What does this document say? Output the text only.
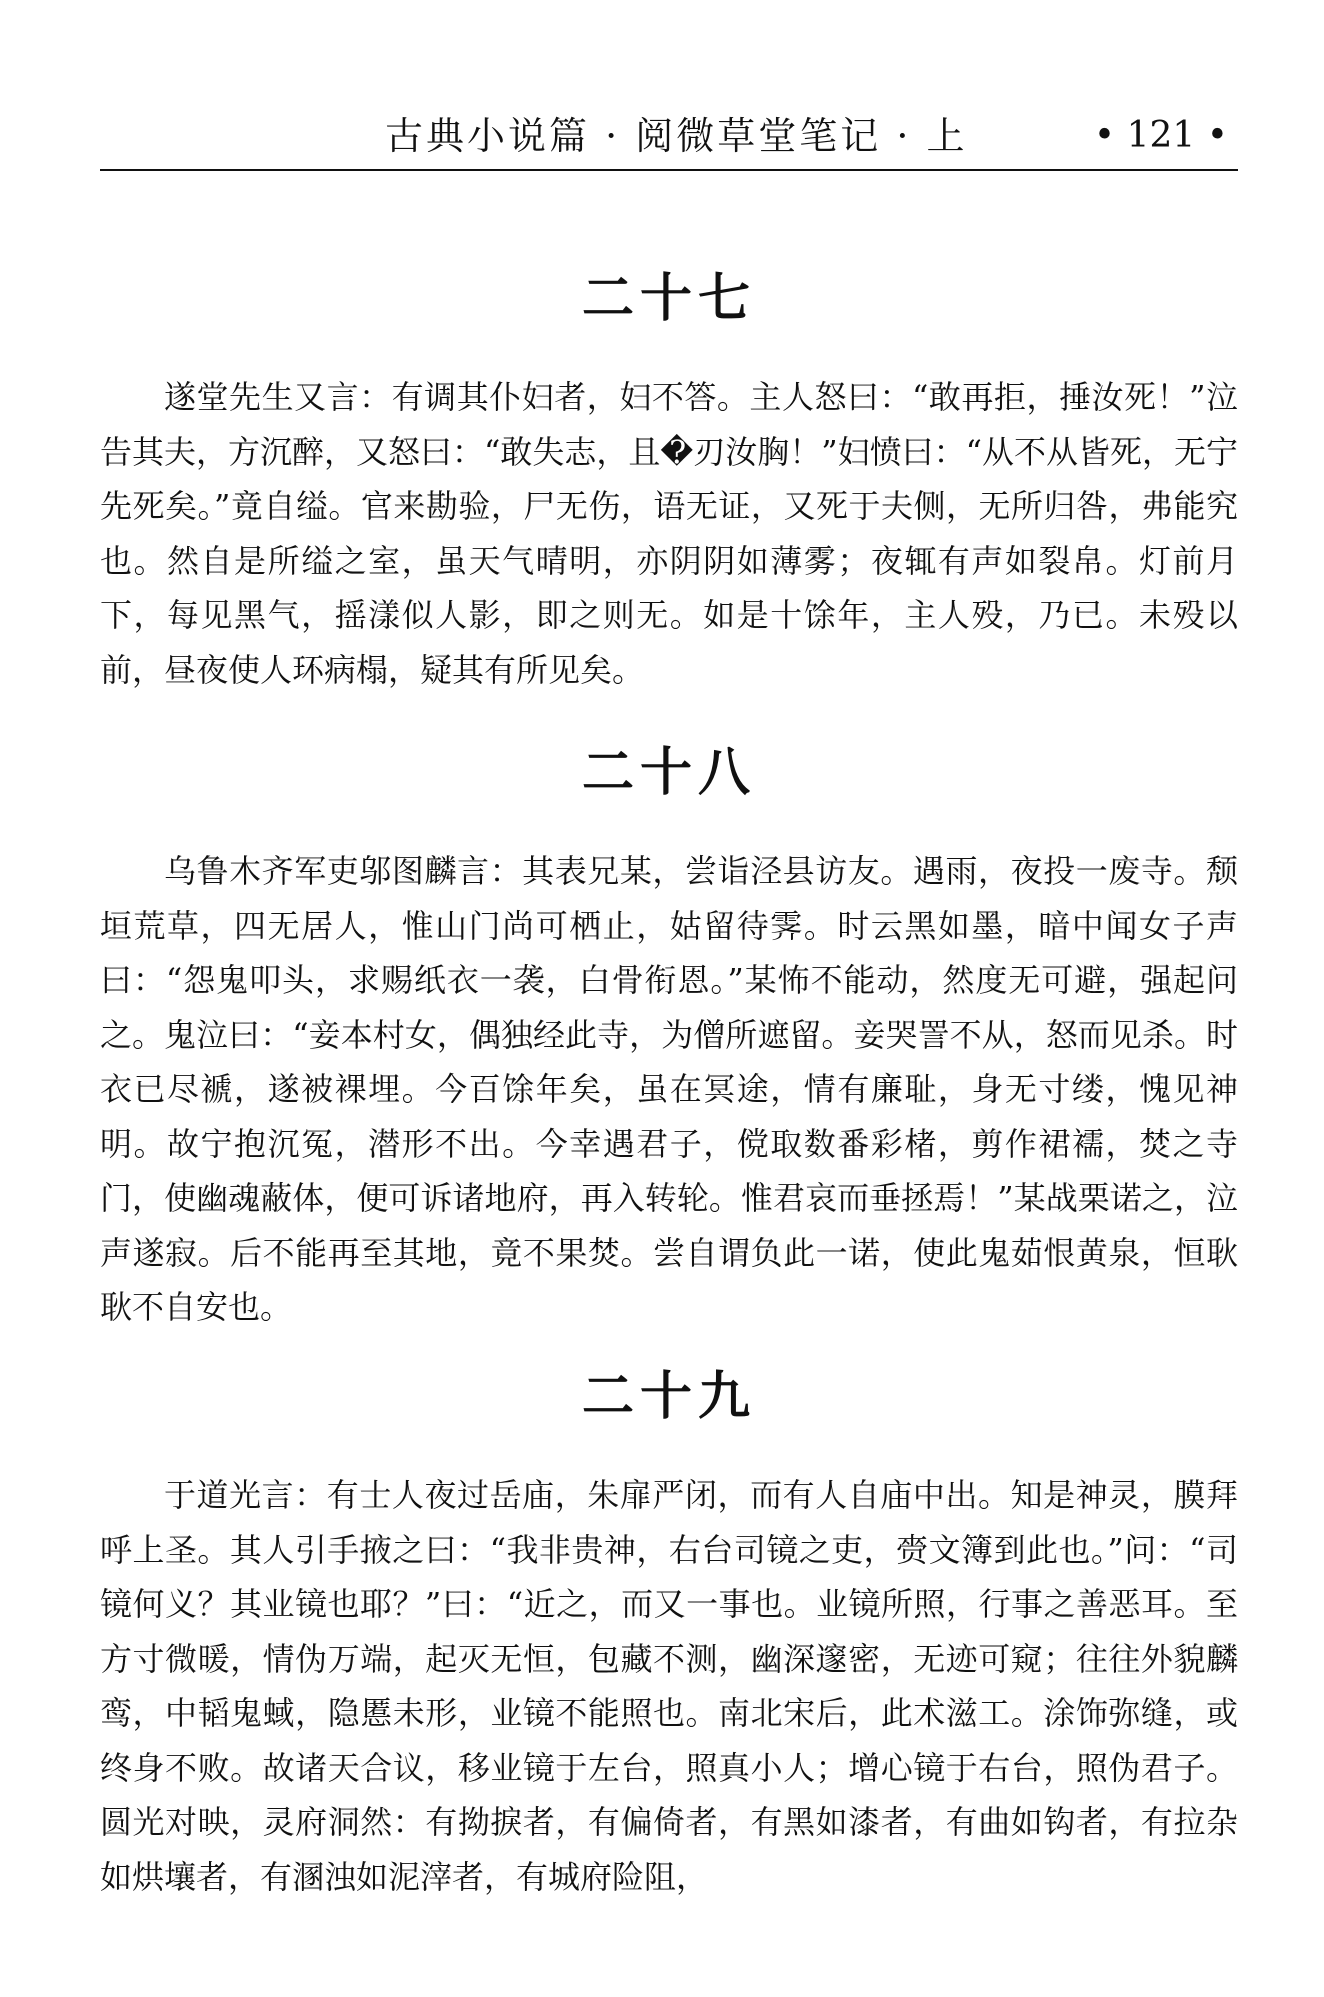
古典小说篇 · 阅微草堂笔记 · 上	• 121 •
二十七

遂堂先生又言：有调其仆妇者，妇不答。主人怒曰：“敢再拒，捶汝死！”泣告其夫，方沉醉，又怒曰：“敢失志，且�刃汝胸！”妇愤曰：“从不从皆死，无宁先死矣。”竟自缢。官来勘验，尸无伤，语无证，又死于夫侧，无所归咎，弗能究也。然自是所缢之室，虽天气晴明，亦阴阴如薄雾；夜辄有声如裂帛。灯前月下，每见黑气，摇漾似人影，即之则无。如是十馀年，主人殁，乃已。未殁以前，昼夜使人环病榻，疑其有所见矣。

二十八

乌鲁木齐军吏邬图麟言：其表兄某，尝诣泾县访友。遇雨，夜投一废寺。颓垣荒草，四无居人，惟山门尚可栖止，姑留待霁。时云黑如墨，暗中闻女子声曰：“怨鬼叩头，求赐纸衣一袭，白骨衔恩。”某怖不能动，然度无可避，强起问之。鬼泣曰：“妾本村女，偶独经此寺，为僧所遮留。妾哭詈不从，怒而见杀。时衣已尽褫，遂被裸埋。今百馀年矣，虽在冥途，情有廉耻，身无寸缕，愧见神明。故宁抱沉冤，潜形不出。今幸遇君子，傥取数番彩楮，剪作裙襦，焚之寺门，使幽魂蔽体，便可诉诸地府，再入转轮。惟君哀而垂拯焉！”某战栗诺之，泣声遂寂。后不能再至其地，竟不果焚。尝自谓负此一诺，使此鬼茹恨黄泉，恒耿耿不自安也。

二十九

于道光言：有士人夜过岳庙，朱扉严闭，而有人自庙中出。知是神灵，膜拜呼上圣。其人引手掖之曰：“我非贵神，右台司镜之吏，赍文簿到此也。”问：“司镜何义？其业镜也耶？”曰：“近之，而又一事也。业镜所照，行事之善恶耳。至方寸微暖，情伪万端，起灭无恒，包藏不测，幽深邃密，无迹可窥；往往外貌麟鸾，中韬鬼蜮，隐慝未形，业镜不能照也。南北宋后，此术滋工。涂饰弥缝，或终身不败。故诸天合议，移业镜于左台，照真小人；增心镜于右台，照伪君子。圆光对映，灵府洞然：有拗捩者，有偏倚者，有黑如漆者，有曲如钩者，有拉杂如烘壤者，有溷浊如泥滓者，有城府险阻，
